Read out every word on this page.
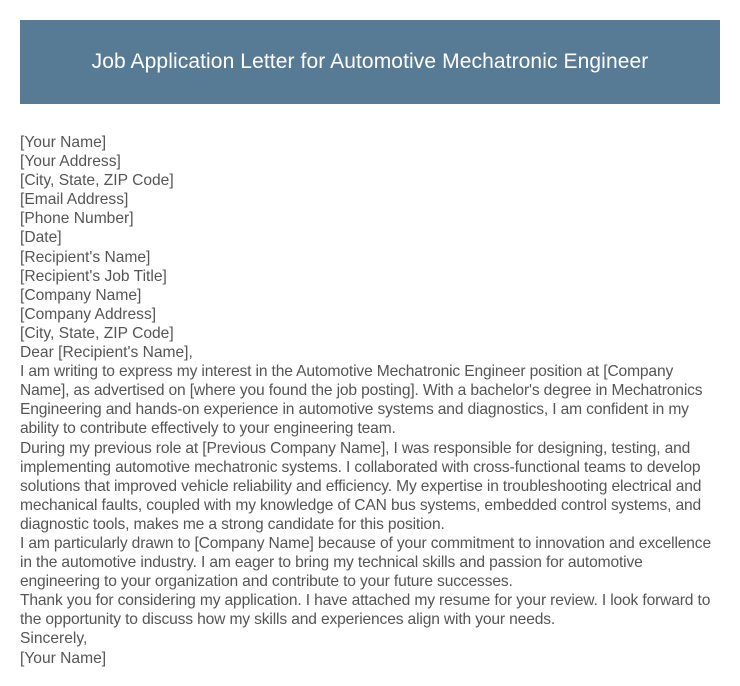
Job Application Letter for Automotive Mechatronic Engineer
[Your Name]
[Your Address]
[City, State, ZIP Code]
[Email Address]
[Phone Number]
[Date]
[Recipient's Name]
[Recipient's Job Title]
[Company Name]
[Company Address]
[City, State, ZIP Code]
Dear [Recipient's Name],

I am writing to express my interest in the Automotive Mechatronic Engineer position at [Company Name], as advertised on [where you found the job posting]. With a bachelor's degree in Mechatronics Engineering and hands-on experience in automotive systems and diagnostics, I am confident in my ability to contribute effectively to your engineering team.

During my previous role at [Previous Company Name], I was responsible for designing, testing, and implementing automotive mechatronic systems. I collaborated with cross-functional teams to develop solutions that improved vehicle reliability and efficiency. My expertise in troubleshooting electrical and mechanical faults, coupled with my knowledge of CAN bus systems, embedded control systems, and diagnostic tools, makes me a strong candidate for this position.

I am particularly drawn to [Company Name] because of your commitment to innovation and excellence in the automotive industry. I am eager to bring my technical skills and passion for automotive engineering to your organization and contribute to your future successes.

Thank you for considering my application. I have attached my resume for your review. I look forward to the opportunity to discuss how my skills and experiences align with your needs.

Sincerely,
[Your Name]
